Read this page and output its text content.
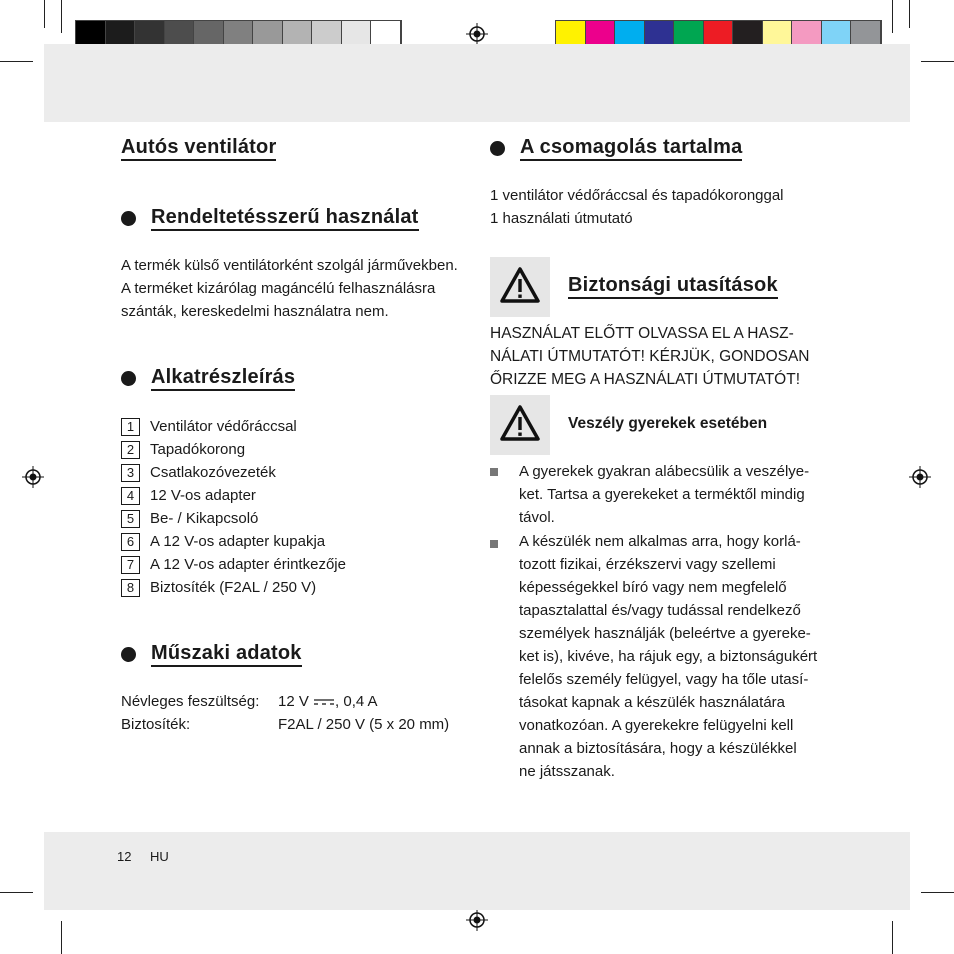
Autós ventilátor
Rendeltetésszerű használat
A termék külső ventilátorként szolgál járművekben.
A terméket kizárólag magáncélú felhasználásra
szánták, kereskedelmi használatra nem.
Alkatrészleírás
1	Ventilátor védőráccsal
2	Tapadókorong
3	Csatlakozóvezeték
4	12 V-os adapter
5	Be- / Kikapcsoló
6	A 12 V-os adapter kupakja
7	A 12 V-os adapter érintkezője
8	Biztosíték (F2AL / 250 V)
Műszaki adatok
Névleges feszültség: 12 V , 0,4 A
Biztosíték:	F2AL / 250 V (5 x 20 mm)
A csomagolás tartalma
1 ventilátor védőráccsal és tapadókoronggal
1 használati útmutató
Biztonsági utasítások
HASZNÁLAT ELŐTT OLVASSA EL A HASZ-
NÁLATI ÚTMUTATÓT! KÉRJÜK, GONDOSAN
ŐRIZZE MEG A HASZNÁLATI ÚTMUTATÓT!
Veszély gyerekek esetében
A gyerekek gyakran alábecsülik a veszélye-
ket. Tartsa a gyerekeket a terméktől mindig
távol.
A készülék nem alkalmas arra, hogy korlá-
tozott fizikai, érzékszervi vagy szellemi
képességekkel bíró vagy nem megfelelő
tapasztalattal és/vagy tudással rendelkező
személyek használják (beleértve a gyereke-
ket is), kivéve, ha rájuk egy, a biztonságukért
felelős személy felügyel, vagy ha tőle utasí-
tásokat kapnak a készülék használatára
vonatkozóan. A gyerekekre felügyelni kell
annak a biztosítására, hogy a készülékkel
ne játsszanak.
12 HU
